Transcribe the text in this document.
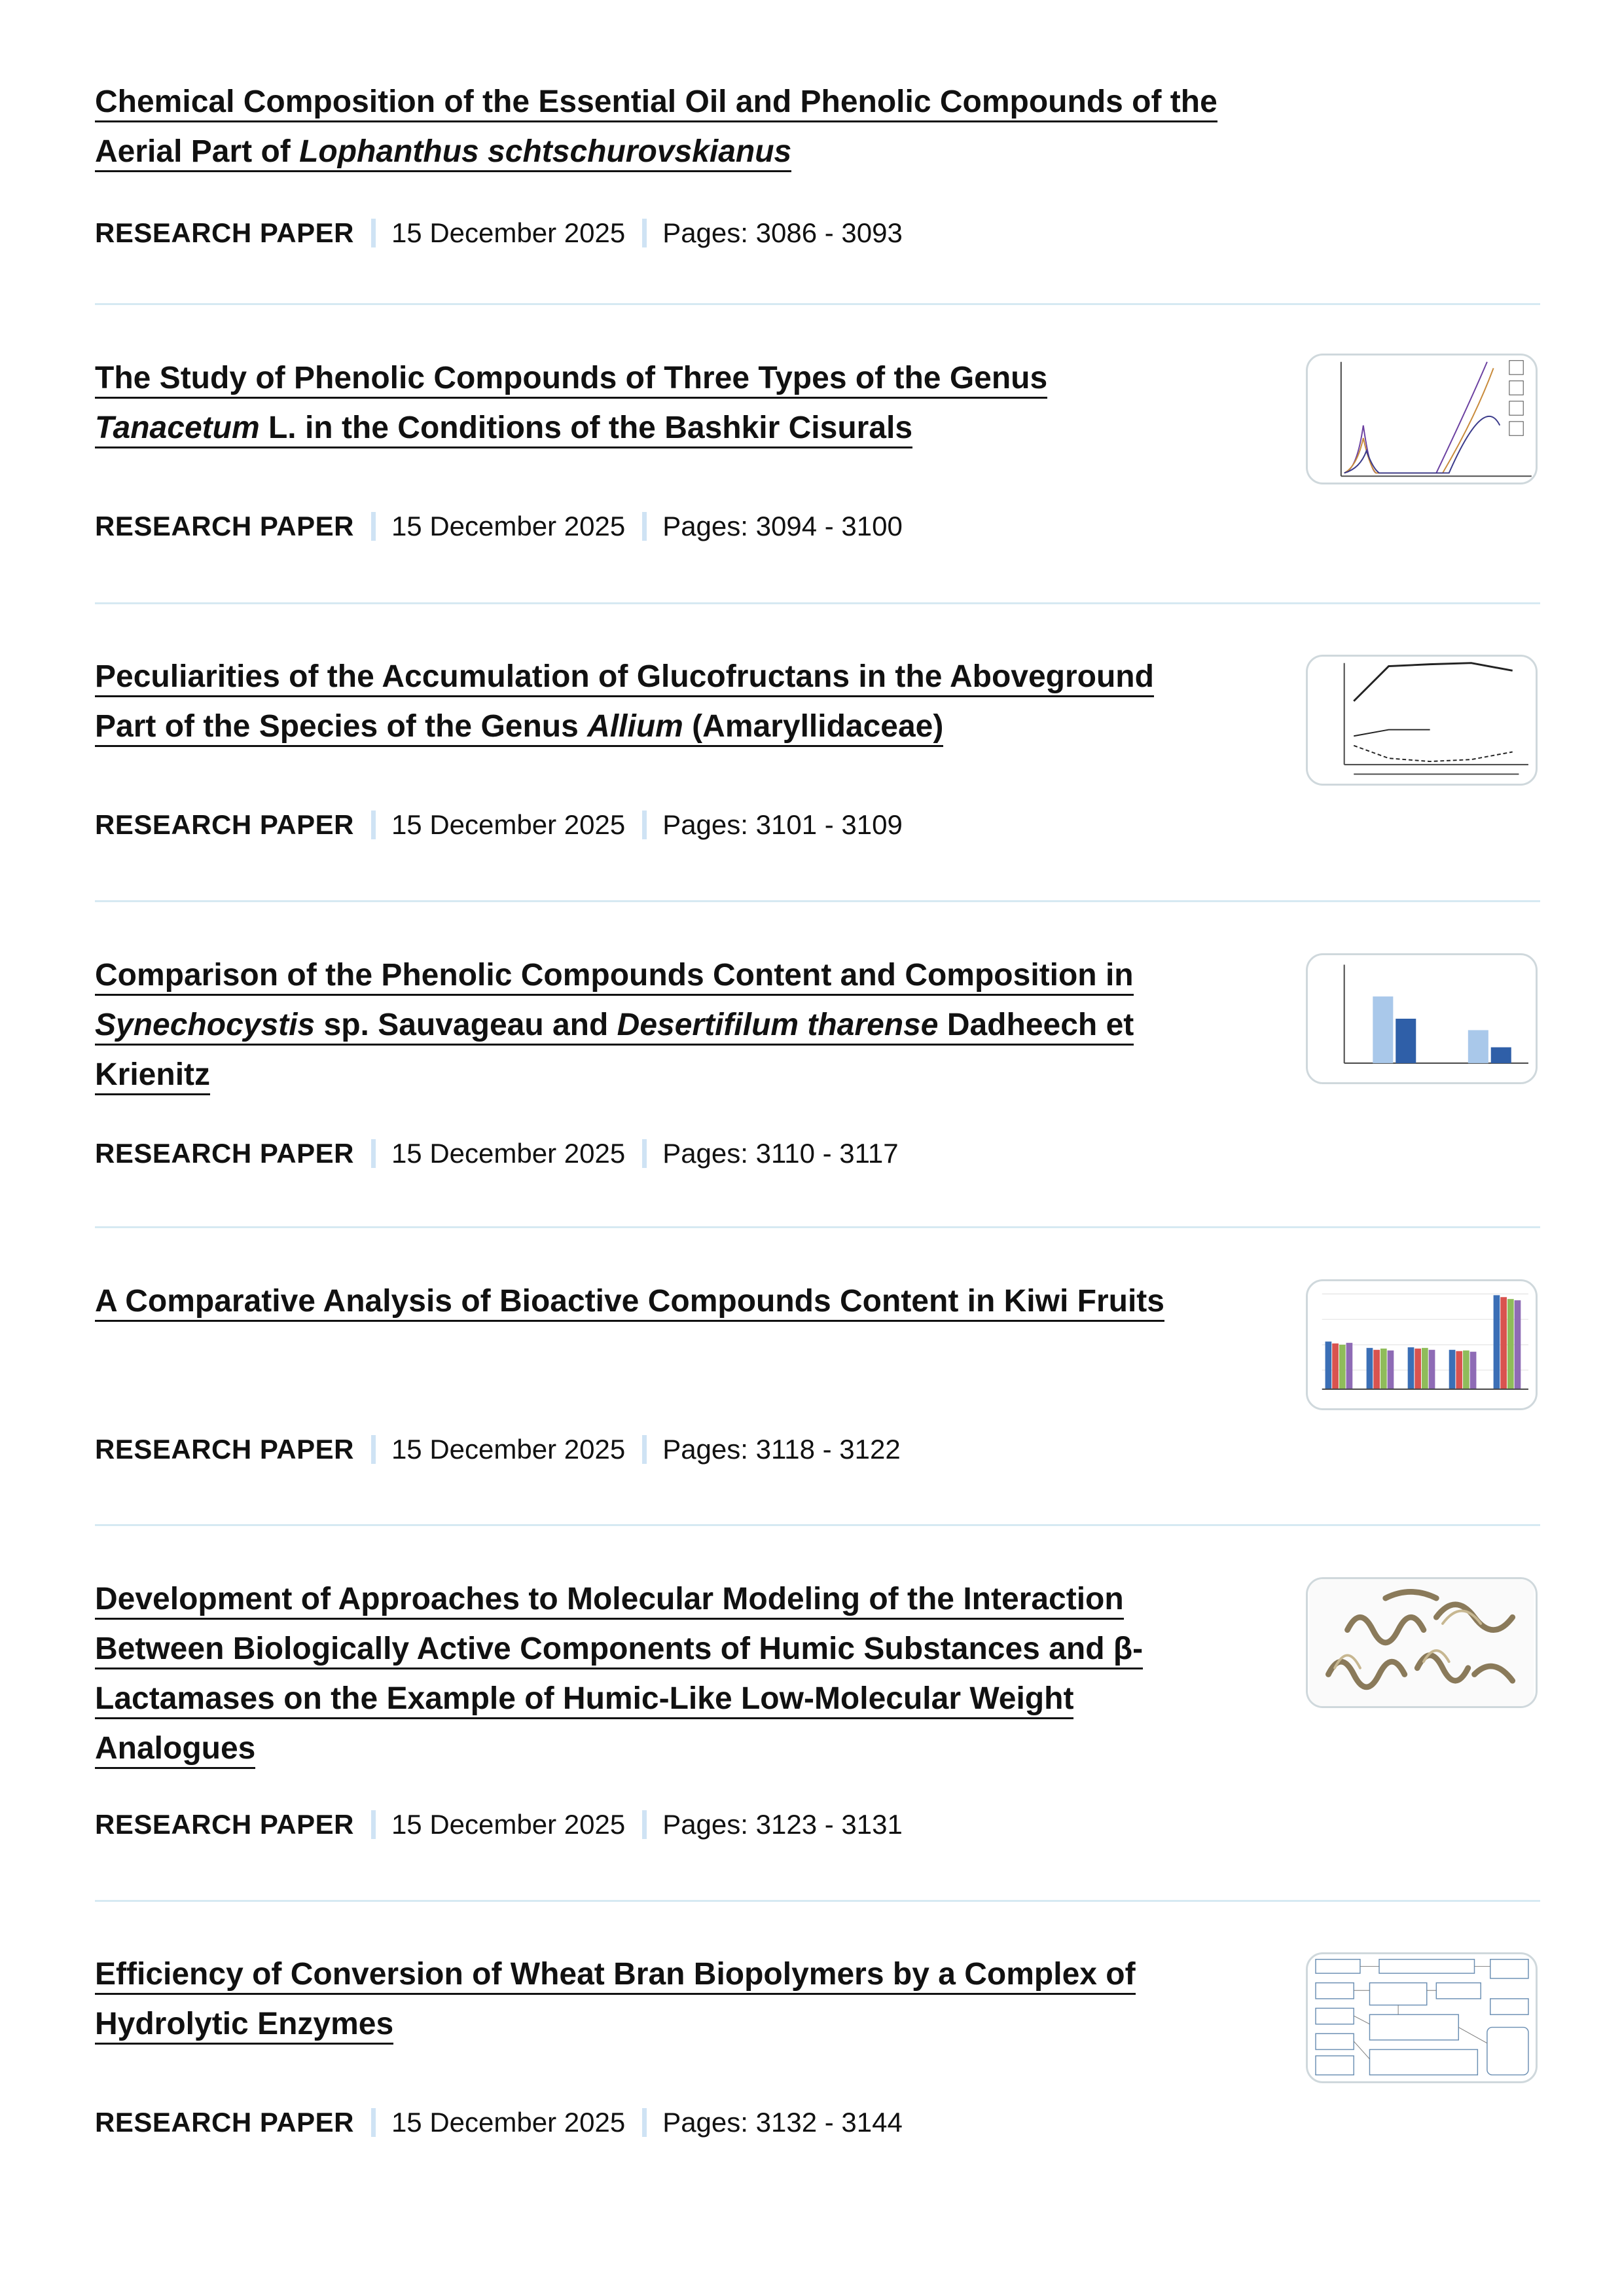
Chemical Composition of the Essential Oil and Phenolic Compounds of the Aerial Part of Lophanthus schtschurovskianus
RESEARCH PAPER 15 December 2025 Pages: 3086 - 3093
The Study of Phenolic Compounds of Three Types of the Genus Tanacetum L. in the Conditions of the Bashkir Cisurals
RESEARCH PAPER 15 December 2025 Pages: 3094 - 3100
Peculiarities of the Accumulation of Glucofructans in the Aboveground Part of the Species of the Genus Allium (Amaryllidaceae)
RESEARCH PAPER 15 December 2025 Pages: 3101 - 3109
Comparison of the Phenolic Compounds Content and Composition in Synechocystis sp. Sauvageau and Desertifilum tharense Dadheech et Krienitz
RESEARCH PAPER 15 December 2025 Pages: 3110 - 3117
A Comparative Analysis of Bioactive Compounds Content in Kiwi Fruits
RESEARCH PAPER 15 December 2025 Pages: 3118 - 3122
Development of Approaches to Molecular Modeling of the Interaction Between Biologically Active Components of Humic Substances and β-Lactamases on the Example of Humic-Like Low-Molecular Weight Analogues
RESEARCH PAPER 15 December 2025 Pages: 3123 - 3131
Efficiency of Conversion of Wheat Bran Biopolymers by a Complex of Hydrolytic Enzymes
RESEARCH PAPER 15 December 2025 Pages: 3132 - 3144
